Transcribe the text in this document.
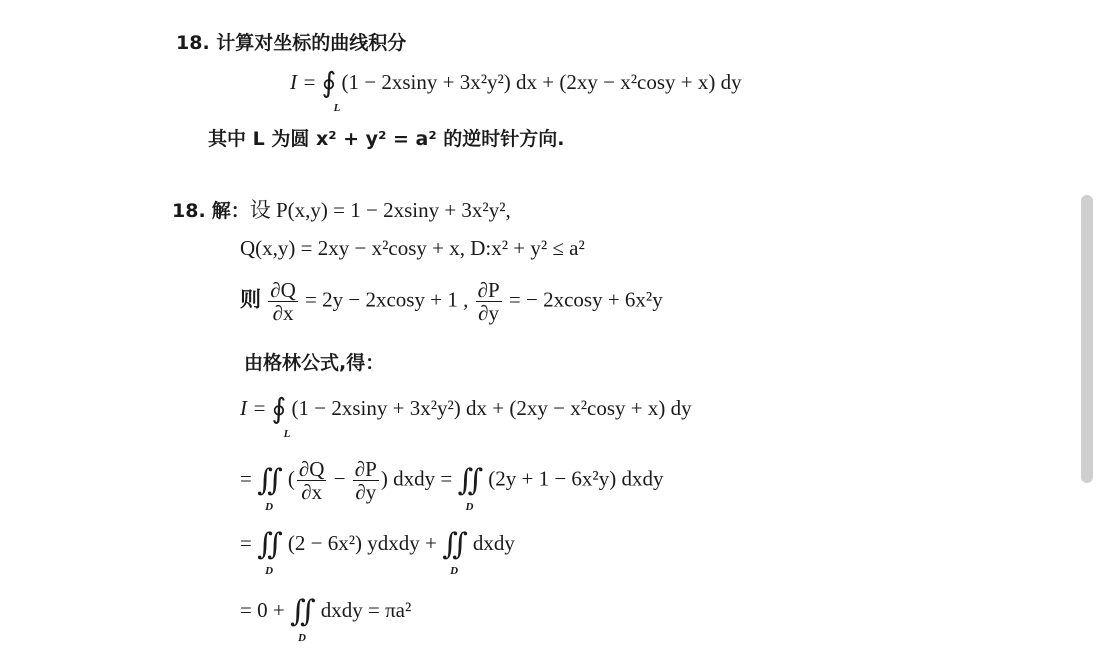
18. 计算对坐标的曲线积分
I = ∮
L
(1 − 2xsiny + 3x²y²) dx + (2xy − x²cosy + x) dy
其中 L 为圆 x² + y² = a² 的逆时针方向.
18. 解：设 P(x,y) = 1 − 2xsiny + 3x²y²,
Q(x,y) = 2xy − x²cosy + x, D:x² + y² ≤ a²
则 $\frac{\partial Q}{\partial x} = 2y - 2xcosy + 1$ , $\frac{\partial P}{\partial y}$ = − 2xcosy + 6x²y
由格林公式,得：
I = ∮
L
(1 − 2xsiny + 3x²y²) dx + (2xy − x²cosy + x) dy
= ∬
D
( $\frac{\partial Q}{\partial x} - \frac{\partial P}{\partial y}$ ) dxdy = ∬
D
(2y + 1 − 6x²y) dxdy
= ∬
D
(2 − 6x²) ydxdy + ∬
D
dxdy
= 0 + ∬
D
dxdy = πa²
